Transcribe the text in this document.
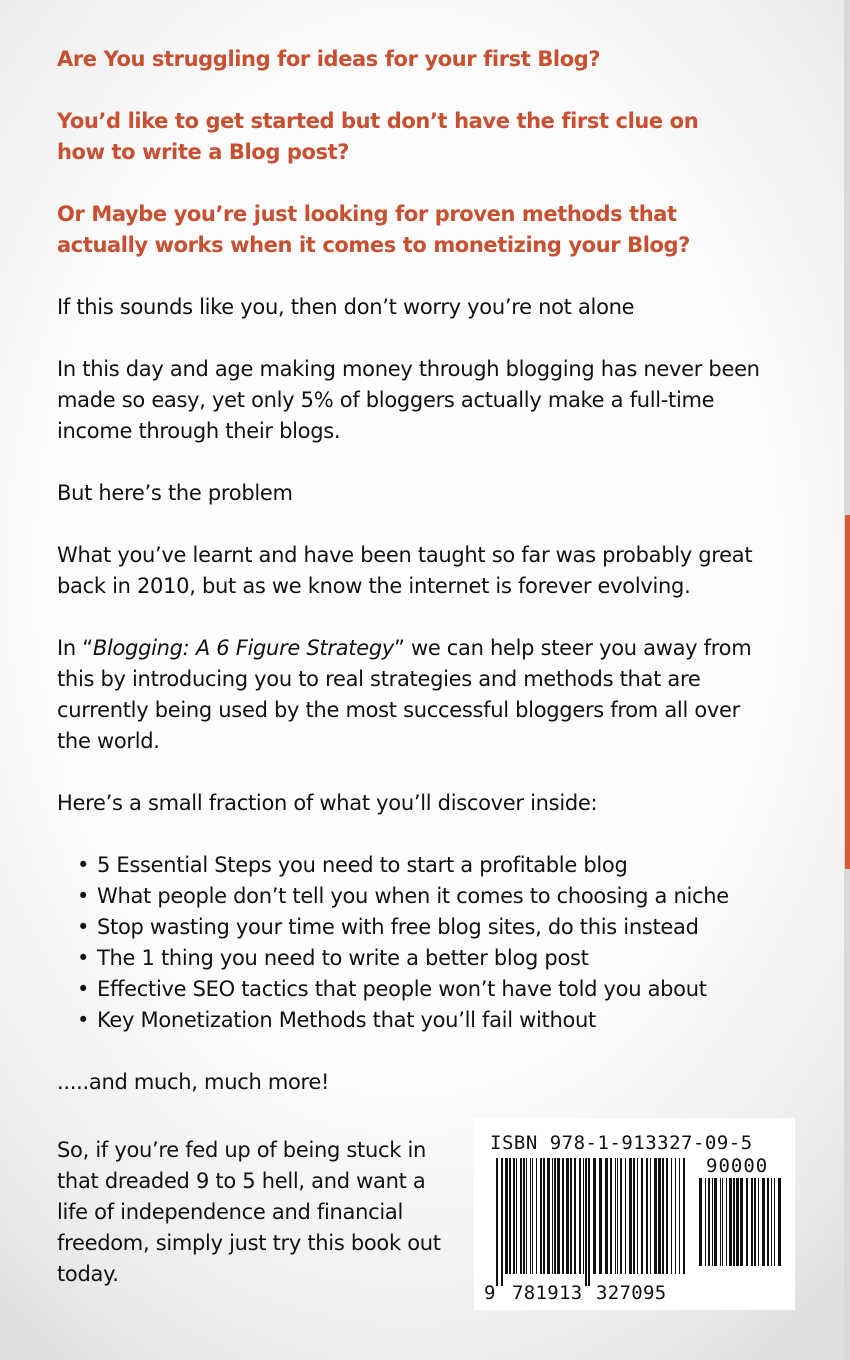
Are You struggling for ideas for your first Blog?

You’d like to get started but don’t have the first clue on how to write a Blog post?

Or Maybe you’re just looking for proven methods that actually works when it comes to monetizing your Blog?

If this sounds like you, then don’t worry you’re not alone

In this day and age making money through blogging has never been made so easy, yet only 5% of bloggers actually make a full-time income through their blogs.

But here’s the problem

What you’ve learnt and have been taught so far was probably great back in 2010, but as we know the internet is forever evolving.

In “Blogging: A 6 Figure Strategy” we can help steer you away from this by introducing you to real strategies and methods that are currently being used by the most successful bloggers from all over the world.

Here’s a small fraction of what you’ll discover inside:

• 5 Essential Steps you need to start a profitable blog
• What people don’t tell you when it comes to choosing a niche
• Stop wasting your time with free blog sites, do this instead
• The 1 thing you need to write a better blog post
• Effective SEO tactics that people won’t have told you about
• Key Monetization Methods that you’ll fail without

.....and much, much more!

So, if you’re fed up of being stuck in that dreaded 9 to 5 hell, and want a life of independence and financial freedom, simply just try this book out today.

ISBN 978-1-913327-09-5
90000
9 781913 327095
